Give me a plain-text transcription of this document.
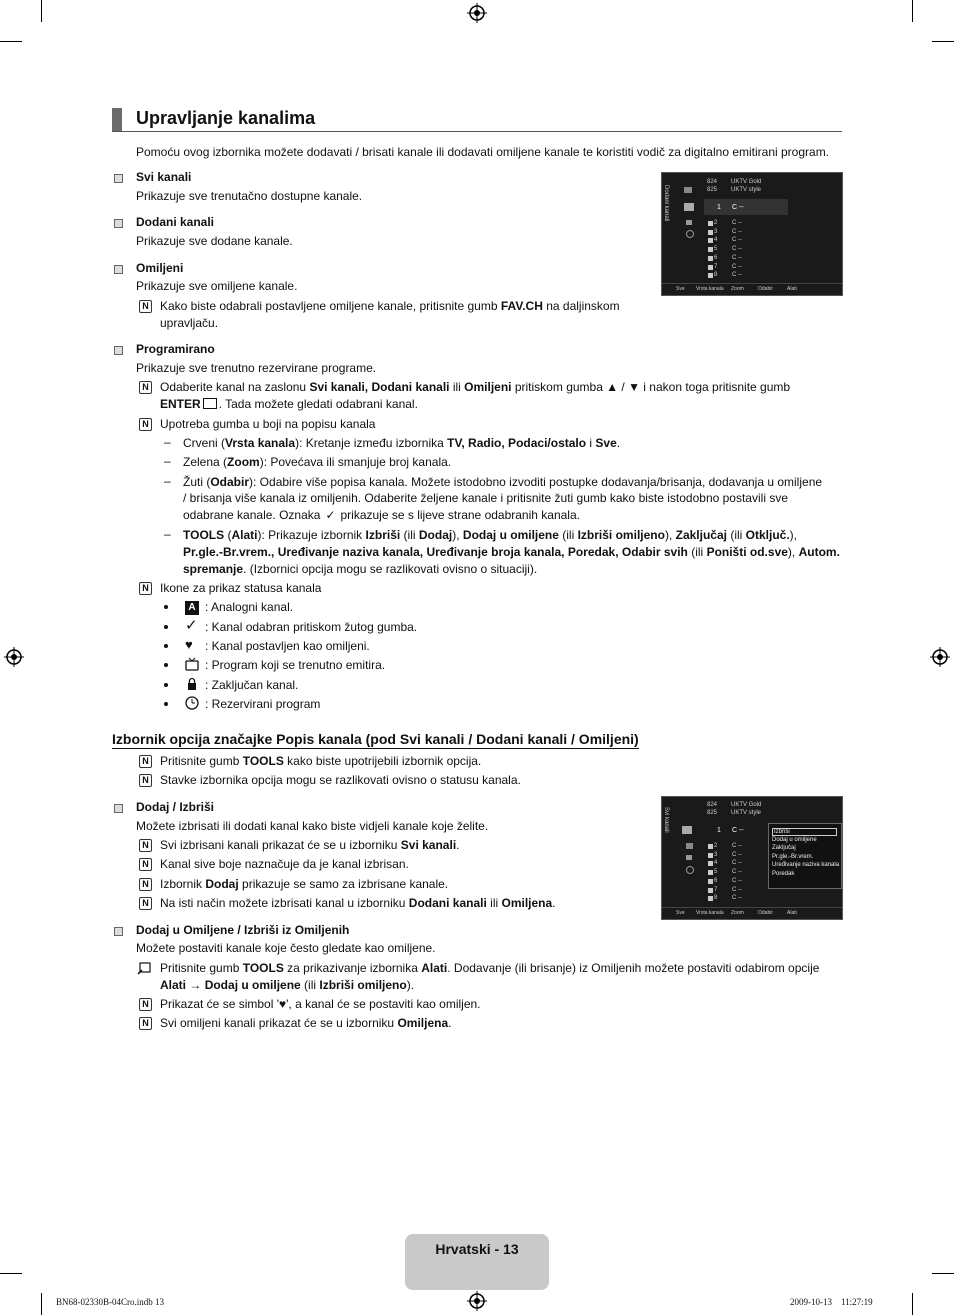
Upravljanje kanalima
Pomoću ovog izbornika možete dodavati / brisati kanale ili dodavati omiljene kanale te koristiti vodič za digitalno emitirani program.
Svi kanali
Prikazuje sve trenutačno dostupne kanale.
Dodani kanali
Prikazuje sve dodane kanale.
Omiljeni
Prikazuje sve omiljene kanale.
N Kako biste odabrali postavljene omiljene kanale, pritisnite gumb FAV.CH na daljinskom
upravljaču.
Dodani kanali
824 UKTV Gold
825 UKTV style
1 C --
2 C --
3 C --
4 C --
5 C --
6 C --
7 C --
8 C --
Sve Vrsta kanala Zoom	Odabir	Alati
Programirano
Prikazuje sve trenutno rezervirane programe.
N Odaberite kanal na zaslonu Svi kanali, Dodani kanali ili Omiljeni pritiskom gumba ▲ / ▼ i nakon toga pritisnite gumb
ENTER . Tada možete gledati odabrani kanal.
N Upotreba gumba u boji na popisu kanala
– Crveni (Vrsta kanala): Kretanje između izbornika TV, Radio, Podaci/ostalo i Sve.
– Zelena (Zoom): Povećava ili smanjuje broj kanala.
– Žuti (Odabir): Odabire više popisa kanala. Možete istodobno izvoditi postupke dodavanja/brisanja, dodavanja u omiljene
/ brisanja više kanala iz omiljenih. Odaberite željene kanale i pritisnite žuti gumb kako biste istodobno postavili sve
odabrane kanale. Oznaka ✓ prikazuje se s lijeve strane odabranih kanala.
– TOOLS (Alati): Prikazuje izbornik Izbriši (ili Dodaj), Dodaj u omiljene (ili Izbriši omiljeno), Zaključaj (ili Otključ.),
Pr.gle.-Br.vrem., Uređivanje naziva kanala, Uređivanje broja kanala, Poredak, Odabir svih (ili Poništi od.sve), Autom.
spremanje. (Izbornici opcija mogu se razlikovati ovisno o situaciji).
N Ikone za prikaz statusa kanala
A : Analogni kanal.
✓ : Kanal odabran pritiskom žutog gumba.
♥	: Kanal postavljen kao omiljeni.
: Program koji se trenutno emitira.
: Zaključan kanal.
: Rezervirani program
Izbornik opcija značajke Popis kanala (pod Svi kanali / Dodani kanali / Omiljeni)
N Pritisnite gumb TOOLS kako biste upotrijebili izbornik opcija.
N Stavke izbornika opcija mogu se razlikovati ovisno o statusu kanala.
Dodaj / Izbriši
Možete izbrisati ili dodati kanal kako biste vidjeli kanale koje želite.
N Svi izbrisani kanali prikazat će se u izborniku Svi kanali.
N Kanal sive boje naznačuje da je kanal izbrisan.
N Izbornik Dodaj prikazuje se samo za izbrisane kanale.
N Na isti način možete izbrisati kanal u izborniku Dodani kanali ili Omiljena.
Svi kanali
824 UKTV Gold
825 UKTV style
1 C --
2 C --
3 C --
4 C --
5 C --
6 C --
7 C --
8 C --
Sve Vrsta kanala Zoom	Odabir	Alati
Izbriši
Dodaj u omiljene
Zaključaj
Pr.gle.-Br.vrem.
Uređivanje naziva kanala
Poredak
Dodaj u Omiljene / Izbriši iz Omiljenih
Možete postaviti kanale koje često gledate kao omiljene.
Pritisnite gumb TOOLS za prikazivanje izbornika Alati. Dodavanje (ili brisanje) iz Omiljenih možete postaviti odabirom opcije
Alati → Dodaj u omiljene (ili Izbriši omiljeno).
N Prikazat će se simbol '♥', a kanal će se postaviti kao omiljen.
N Svi omiljeni kanali prikazat će se u izborniku Omiljena.
Hrvatski - 13
BN68-02330B-04Cro.indb 13	2009-10-13    11:27:19
